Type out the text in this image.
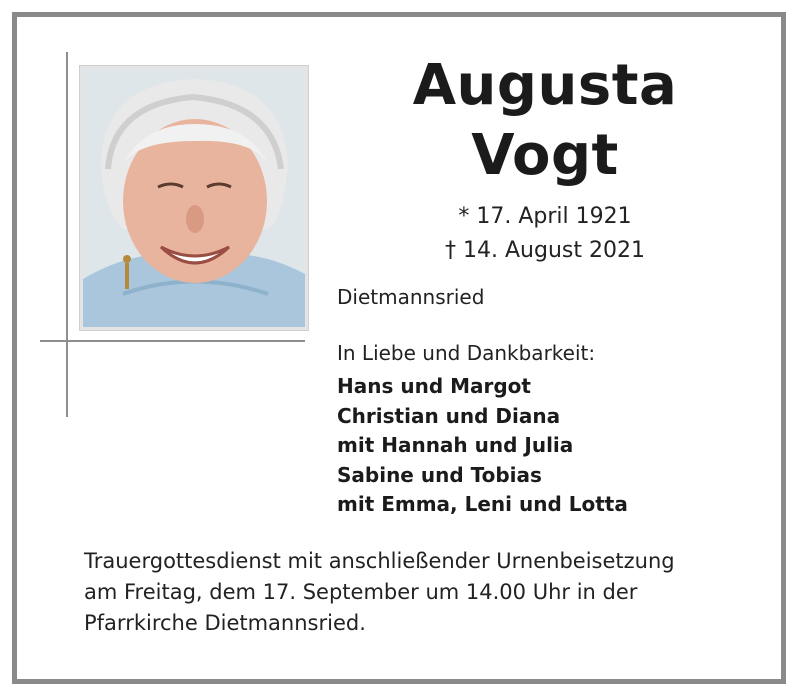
Augusta
Vogt
* 17. April 1921
† 14. August 2021
Dietmannsried
In Liebe und Dankbarkeit:
Hans und Margot
Christian und Diana
mit Hannah und Julia
Sabine und Tobias
mit Emma, Leni und Lotta
Trauergottesdienst mit anschließender Urnenbeisetzung
am Freitag, dem 17. September um 14.00 Uhr in der
Pfarrkirche Dietmannsried.
